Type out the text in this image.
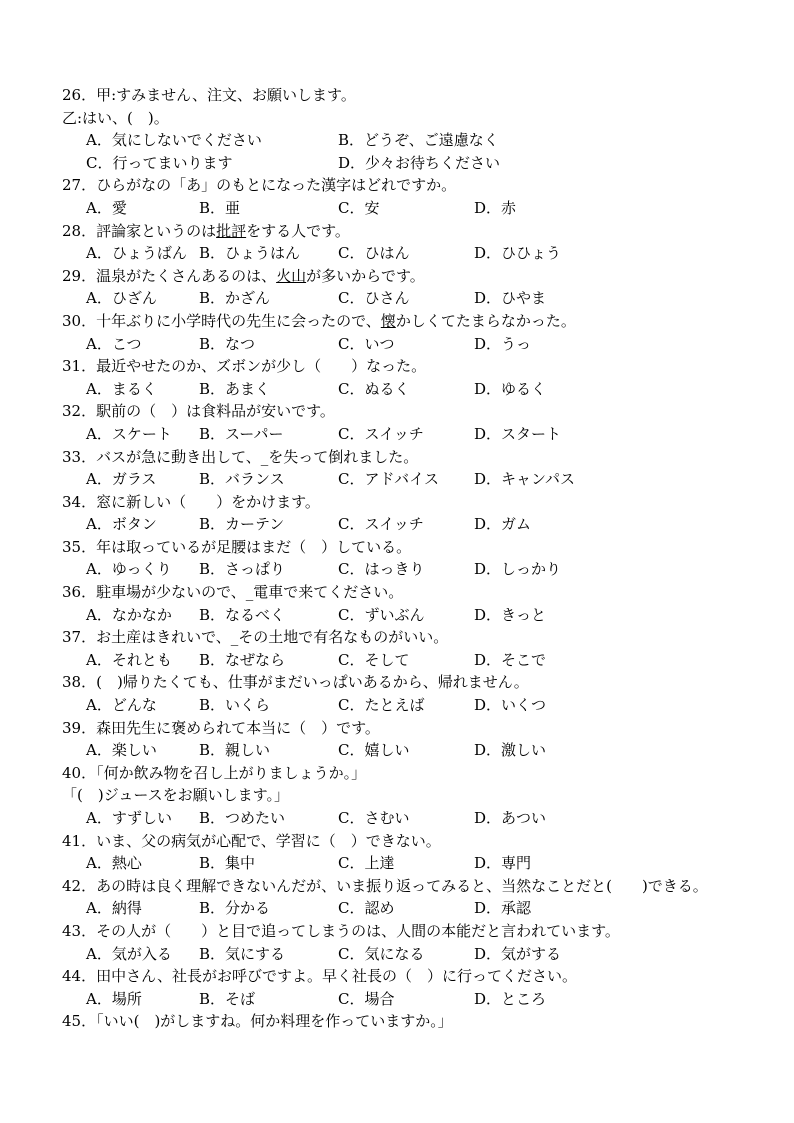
26．甲:すみません、注文、お願いします。
乙:はい、(　)。
A．気にしないでください	B．どうぞ、ご遠慮なく
C．行ってまいります	D．少々お待ちください
27．ひらがなの「あ」のもとになった漢字はどれですか。
A．愛	B．亜	C．安	D．赤
28．評論家というのは批評をする人です。
A．ひょうばん B．ひょうはん	C．ひはん	D．ひひょう
29．温泉がたくさんあるのは、火山が多いからです。
A．ひざん	B．かざん	C．ひさん	D．ひやま
30．十年ぶりに小学時代の先生に会ったので、懐かしくてたまらなかった。
A．こつ	B．なつ	C．いつ	D．うっ
31．最近やせたのか、ズボンが少し（　　）なった。
A．まるく	B．あまく	C．ぬるく	D．ゆるく
32．駅前の（　）は食料品が安いです。
A．スケート B．スーパー	C．スイッチ	D．スタート
33．バスが急に動き出して、_を失って倒れました。
A．ガラス	B．バランス	C．アドバイス D．キャンパス
34．窓に新しい（　　）をかけます。
A．ボタン	B．カーテン	C．スイッチ	D．ガム
35．年は取っているが足腰はまだ（　）している。
A．ゆっくり B．さっぱり	C．はっきり	D．しっかり
36．駐車場が少ないので、_電車で来てください。
A．なかなか B．なるべく	C．ずいぶん	D．きっと
37．お土産はきれいで、_その土地で有名なものがいい。
A．それとも B．なぜなら	C．そして	D．そこで
38．(　)帰りたくても、仕事がまだいっぱいあるから、帰れません。
A．どんな	B．いくら	C．たとえば	D．いくつ
39．森田先生に褒められて本当に（　）です。
A．楽しい	B．親しい	C．嬉しい	D．激しい
40．「何か飲み物を召し上がりましょうか。」
「(　)ジュースをお願いします。」
A．すずしい B．つめたい	C．さむい	D．あつい
41．いま、父の病気が心配で、学習に（　）できない。
A．熱心	B．集中	C．上達	D．専門
42．あの時は良く理解できないんだが、いま振り返ってみると、当然なことだと(　　)できる。
A．納得	B．分かる	C．認め	D．承認
43．その人が（　　）と目で追ってしまうのは、人間の本能だと言われています。
A．気が入る B．気にする	C．気になる	D．気がする
44．田中さん、社長がお呼びですよ。早く社長の（　）に行ってください。
A．場所	B．そば	C．場合	D．ところ
45．「いい(　)がしますね。何か料理を作っていますか。」
